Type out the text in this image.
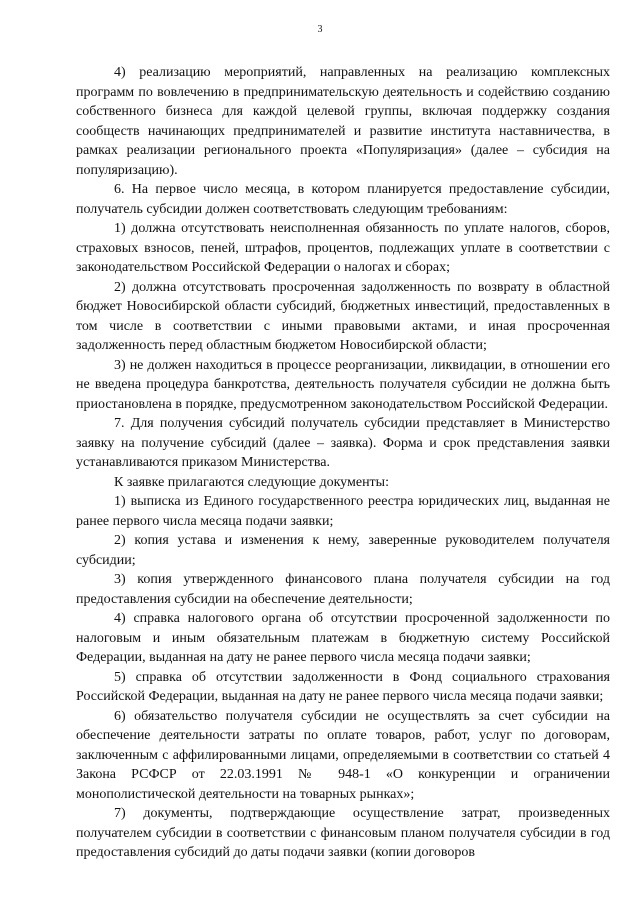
3

4) реализацию мероприятий, направленных на реализацию комплексных программ по вовлечению в предпринимательскую деятельность и содействию созданию собственного бизнеса для каждой целевой группы, включая поддержку создания сообществ начинающих предпринимателей и развитие института наставничества, в рамках реализации регионального проекта «Популяризация» (далее – субсидия на популяризацию).

6. На первое число месяца, в котором планируется предоставление субсидии, получатель субсидии должен соответствовать следующим требованиям:

1) должна отсутствовать неисполненная обязанность по уплате налогов, сборов, страховых взносов, пеней, штрафов, процентов, подлежащих уплате в соответствии с законодательством Российской Федерации о налогах и сборах;

2) должна отсутствовать просроченная задолженность по возврату в областной бюджет Новосибирской области субсидий, бюджетных инвестиций, предоставленных в том числе в соответствии с иными правовыми актами, и иная просроченная задолженность перед областным бюджетом Новосибирской области;

3) не должен находиться в процессе реорганизации, ликвидации, в отношении его не введена процедура банкротства, деятельность получателя субсидии не должна быть приостановлена в порядке, предусмотренном законодательством Российской Федерации.

7. Для получения субсидий получатель субсидии представляет в Министерство заявку на получение субсидий (далее – заявка). Форма и срок представления заявки устанавливаются приказом Министерства.

К заявке прилагаются следующие документы:

1) выписка из Единого государственного реестра юридических лиц, выданная не ранее первого числа месяца подачи заявки;

2) копия устава и изменения к нему, заверенные руководителем получателя субсидии;

3) копия утвержденного финансового плана получателя субсидии на год предоставления субсидии на обеспечение деятельности;

4) справка налогового органа об отсутствии просроченной задолженности по налоговым и иным обязательным платежам в бюджетную систему Российской Федерации, выданная на дату не ранее первого числа месяца подачи заявки;

5) справка об отсутствии задолженности в Фонд социального страхования Российской Федерации, выданная на дату не ранее первого числа месяца подачи заявки;

6) обязательство получателя субсидии не осуществлять за счет субсидии на обеспечение деятельности затраты по оплате товаров, работ, услуг по договорам, заключенным с аффилированными лицами, определяемыми в соответствии со статьей 4 Закона РСФСР от 22.03.1991 № 948-1 «О конкуренции и ограничении монополистической деятельности на товарных рынках»;

7) документы, подтверждающие осуществление затрат, произведенных получателем субсидии в соответствии с финансовым планом получателя субсидии в год предоставления субсидий до даты подачи заявки (копии договоров
